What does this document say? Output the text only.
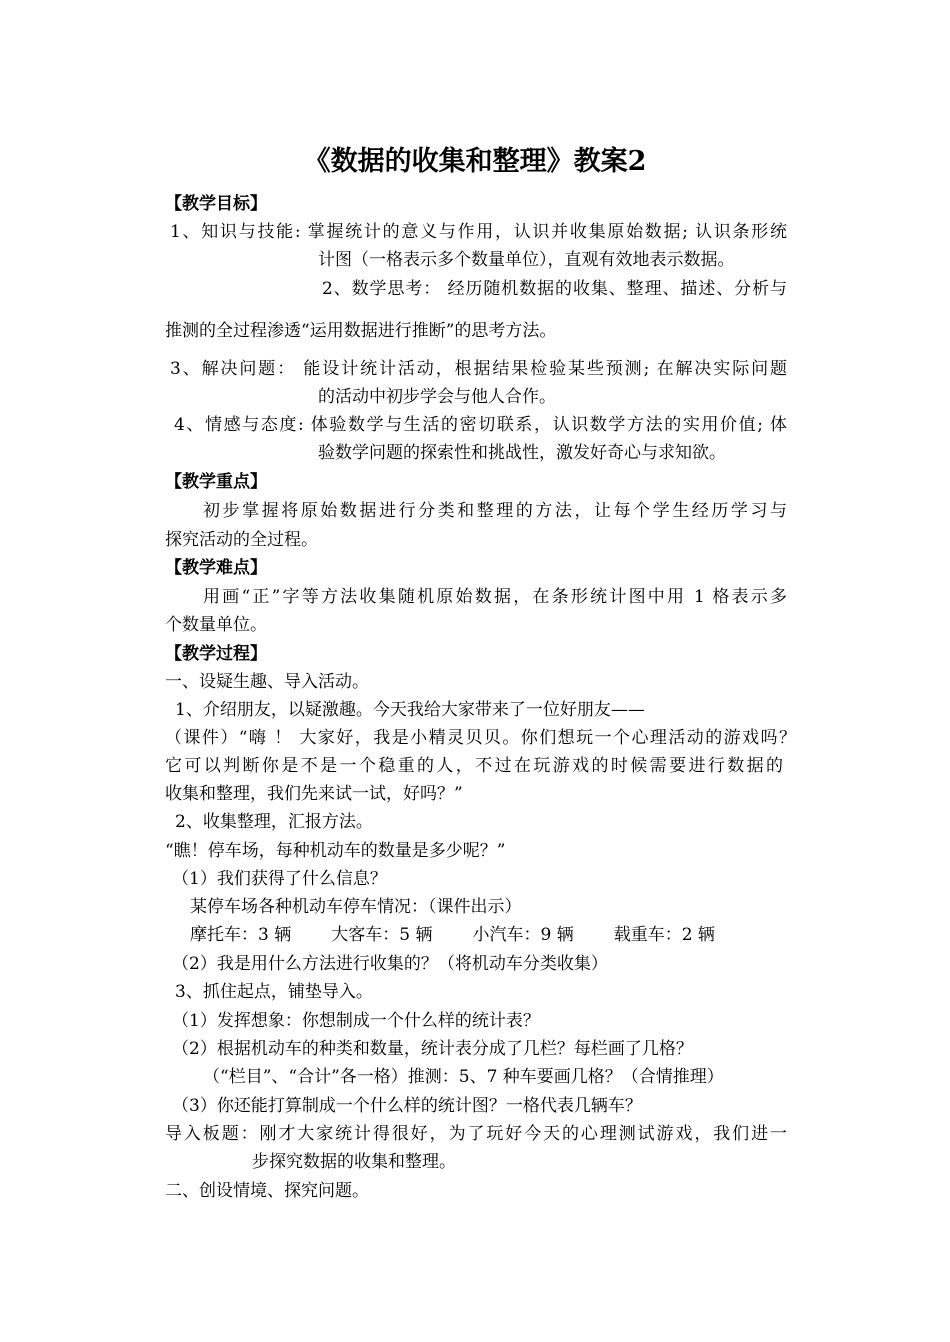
《数据的收集和整理》教案2
【教学目标】
1、知识与技能: 掌握统计的意义与作用，认识并收集原始数据; 认识条形统
计图（一格表示多个数量单位），直观有效地表示数据。
2、数学思考： 经历随机数据的收集、整理、描述、分析与
推测的全过程渗透“运用数据进行推断”的思考方法。
3、解决问题： 能设计统计活动，根据结果检验某些预测; 在解决实际问题
的活动中初步学会与他人合作。
4、情感与态度: 体验数学与生活的密切联系，认识数学方法的实用价值; 体
验数学问题的探索性和挑战性，激发好奇心与求知欲。
【教学重点】
初步掌握将原始数据进行分类和整理的方法，让每个学生经历学习与
探究活动的全过程。
【教学难点】
用画“正”字等方法收集随机原始数据，在条形统计图中用 1 格表示多
个数量单位。
【教学过程】
一、设疑生趣、导入活动。
1、介绍朋友，以疑激趣。今天我给大家带来了一位好朋友——
（课件）“嗨 ！ 大家好，我是小精灵贝贝。你们想玩一个心理活动的游戏吗？
它可以判断你是不是一个稳重的人，不过在玩游戏的时候需要进行数据的
收集和整理，我们先来试一试，好吗？”
2、收集整理，汇报方法。
“瞧！停车场，每种机动车的数量是多少呢？”
（1）我们获得了什么信息？
某停车场各种机动车停车情况：（课件出示）
摩托车：3 辆 大客车：5 辆 小汽车：9 辆 载重车：2 辆
（2）我是用什么方法进行收集的？（将机动车分类收集）
3、抓住起点，铺垫导入。
（1）发挥想象：你想制成一个什么样的统计表？
（2）根据机动车的种类和数量，统计表分成了几栏？每栏画了几格？
（“栏目”、“合计”各一格）推测：5、7 种车要画几格？（合情推理）
（3）你还能打算制成一个什么样的统计图？一格代表几辆车？
导入板题：刚才大家统计得很好，为了玩好今天的心理测试游戏，我们进一
步探究数据的收集和整理。
二、创设情境、探究问题。
